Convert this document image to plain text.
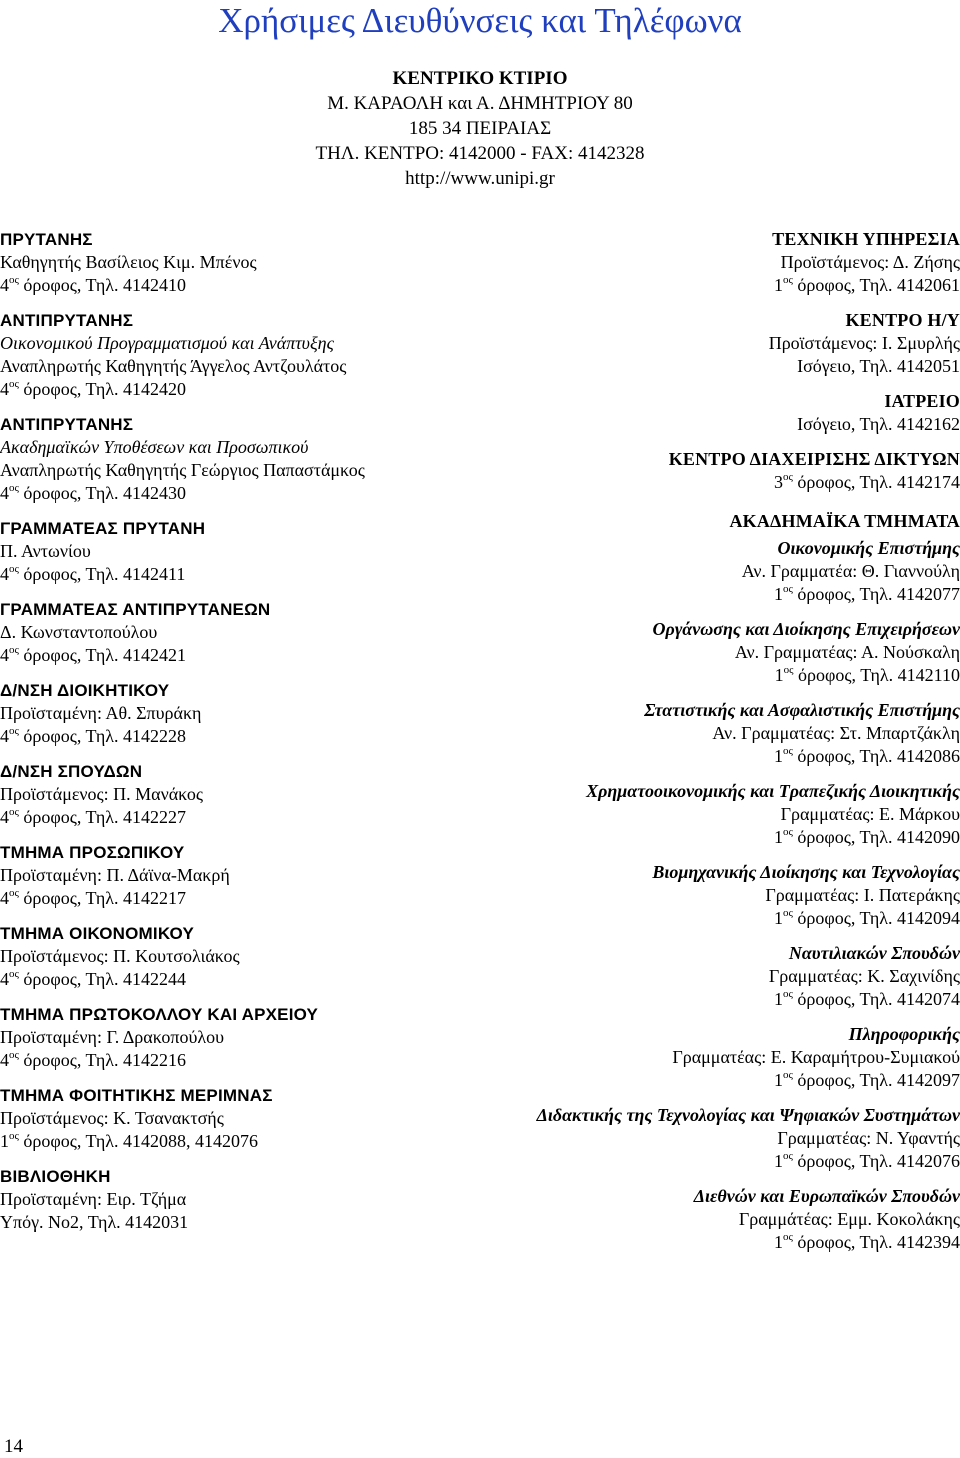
Χρήσιμες Διευθύνσεις και Τηλέφωνα
ΚΕΝΤΡΙΚΟ ΚΤΙΡΙΟ
Μ. ΚΑΡΑΟΛΗ και Α. ΔΗΜΗΤΡΙΟΥ 80
185 34 ΠΕΙΡΑΙΑΣ
ΤΗΛ. ΚΕΝΤΡΟ: 4142000 - FAX: 4142328
http://www.unipi.gr
ΠΡΥΤΑΝΗΣ
Καθηγητής Βασίλειος Κιμ. Μπένος
$4^{o\varsigma}$ όροφος, Τηλ. 4142410
ΑΝΤΙΠΡΥΤΑΝΗΣ
Οικονομικού Προγραμματισμού και Ανάπτυξης
Αναπληρωτής Καθηγητής Άγγελος Αντζουλάτος
$4^{o\varsigma}$ όροφος, Τηλ. 4142420
ΑΝΤΙΠΡΥΤΑΝΗΣ
Ακαδημαϊκών Υποθέσεων και Προσωπικού
Αναπληρωτής Καθηγητής Γεώργιος Παπαστάμκος
$4^{o\varsigma}$ όροφος, Τηλ. 4142430
ΓΡΑΜΜΑΤΕΑΣ ΠΡΥΤΑΝΗ
Π. Αντωνίου
$4^{o\varsigma}$ όροφος, Τηλ. 4142411
ΓΡΑΜΜΑΤΕΑΣ ΑΝΤΙΠΡΥΤΑΝΕΩΝ
Δ. Κωνσταντοπούλου
$4^{o\varsigma}$ όροφος, Τηλ. 4142421
Δ/ΝΣΗ ΔΙΟΙΚΗΤΙΚΟΥ
Προϊσταμένη: Αθ. Σπυράκη
$4^{o\varsigma}$ όροφος, Τηλ. 4142228
Δ/ΝΣΗ ΣΠΟΥΔΩΝ
Προϊστάμενος: Π. Μανάκος
$4^{o\varsigma}$ όροφος, Τηλ. 4142227
ΤΜΗΜΑ ΠΡΟΣΩΠΙΚΟΥ
Προϊσταμένη: Π. Δάϊνα-Μακρή
$4^{o\varsigma}$ όροφος, Τηλ. 4142217
ΤΜΗΜΑ ΟΙΚΟΝΟΜΙΚΟΥ
Προϊστάμενος: Π. Κουτσολιάκος
$4^{o\varsigma}$ όροφος, Τηλ. 4142244
ΤΜΗΜΑ ΠΡΩΤΟΚΟΛΛΟΥ ΚΑΙ ΑΡΧΕΙΟΥ
Προϊσταμένη: Γ. Δρακοπούλου
$4^{o\varsigma}$ όροφος, Τηλ. 4142216
ΤΜΗΜΑ ΦΟΙΤΗΤΙΚΗΣ ΜΕΡΙΜΝΑΣ
Προϊστάμενος: Κ. Τσανακτσής
$1^{o\varsigma}$ όροφος, Τηλ. 4142088, 4142076
ΒΙΒΛΙΟΘΗΚΗ
Προϊσταμένη: Ειρ. Τζήμα
Υπόγ. Νο2, Τηλ. 4142031
ΤΕΧΝΙΚΗ ΥΠΗΡΕΣΙΑ
Προϊστάμενος: Δ. Ζήσης
$1^{o\varsigma}$ όροφος, Τηλ. 4142061
ΚΕΝΤΡΟ Η/Υ
Προϊστάμενος: Ι. Σμυρλής
Ισόγειο, Τηλ. 4142051
ΙΑΤΡΕΙΟ
Ισόγειο, Τηλ. 4142162
ΚΕΝΤΡΟ ΔΙΑΧΕΙΡΙΣΗΣ ΔΙΚΤΥΩΝ
$3^{o\varsigma}$ όροφος, Τηλ. 4142174
ΑΚΑΔΗΜΑΪΚΑ ΤΜΗΜΑΤΑ
Οικονομικής Επιστήμης
Αν. Γραμματέα: Θ. Γιαννούλη
$1^{o\varsigma}$ όροφος, Τηλ. 4142077
Οργάνωσης και Διοίκησης Επιχειρήσεων
Αν. Γραμματέας: Α. Νούσκαλη
$1^{o\varsigma}$ όροφος, Τηλ. 4142110
Στατιστικής και Ασφαλιστικής Επιστήμης
Αν. Γραμματέας: Στ. Μπαρτζάκλη
$1^{o\varsigma}$ όροφος, Τηλ. 4142086
Χρηματοοικονομικής και Τραπεζικής Διοικητικής
Γραμματέας: Ε. Μάρκου
$1^{o\varsigma}$ όροφος, Τηλ. 4142090
Βιομηχανικής Διοίκησης και Τεχνολογίας
Γραμματέας: Ι. Πατεράκης
$1^{o\varsigma}$ όροφος, Τηλ. 4142094
Ναυτιλιακών Σπουδών
Γραμματέας: Κ. Σαχινίδης
$1^{o\varsigma}$ όροφος, Τηλ. 4142074
Πληροφορικής
Γραμματέας: Ε. Καραμήτρου-Συμιακού
$1^{o\varsigma}$ όροφος, Τηλ. 4142097
Διδακτικής της Τεχνολογίας και Ψηφιακών Συστημάτων
Γραμματέας: Ν. Υφαντής
$1^{o\varsigma}$ όροφος, Τηλ. 4142076
Διεθνών και Ευρωπαϊκών Σπουδών
Γραμμάτέας: Εμμ. Κοκολάκης
$1^{o\varsigma}$ όροφος, Τηλ. 4142394
14
